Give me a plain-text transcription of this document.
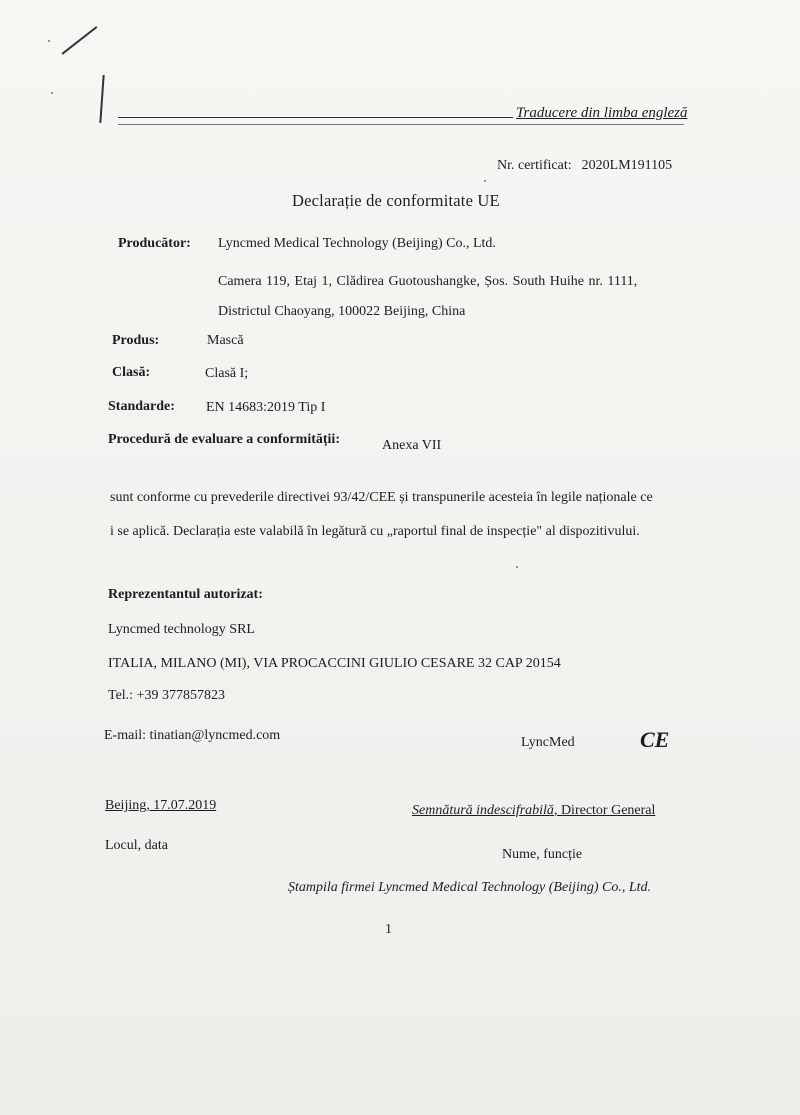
Traducere din limba engleză
Nr. certificat: 2020LM191105
Declarație de conformitate UE
Producător: Lyncmed Medical Technology (Beijing) Co., Ltd.
Camera 119, Etaj 1, Clădirea Guotoushangke, Șos. South Huihe nr. 1111,
Districtul Chaoyang, 100022 Beijing, China
Produs:	Mască
Clasă:	Clasă I;
Standarde: EN 14683:2019 Tip I
Procedură de evaluare a conformității:	Anexa VII
sunt conforme cu prevederile directivei 93/42/CEE și transpunerile acesteia în legile naționale ce
i se aplică. Declarația este valabilă în legătură cu „raportul final de inspecție" al dispozitivului.
Reprezentantul autorizat:
Lyncmed technology SRL
ITALIA, MILANO (MI), VIA PROCACCINI GIULIO CESARE 32 CAP 20154
Tel.: +39 377857823
E-mail: tinatian@lyncmed.com	LyncMed	CE
Beijing, 17.07.2019	Semnătură indescifrabilă, Director General
Locul, data
Nume, funcție
Ștampila firmei Lyncmed Medical Technology (Beijing) Co., Ltd.
1
